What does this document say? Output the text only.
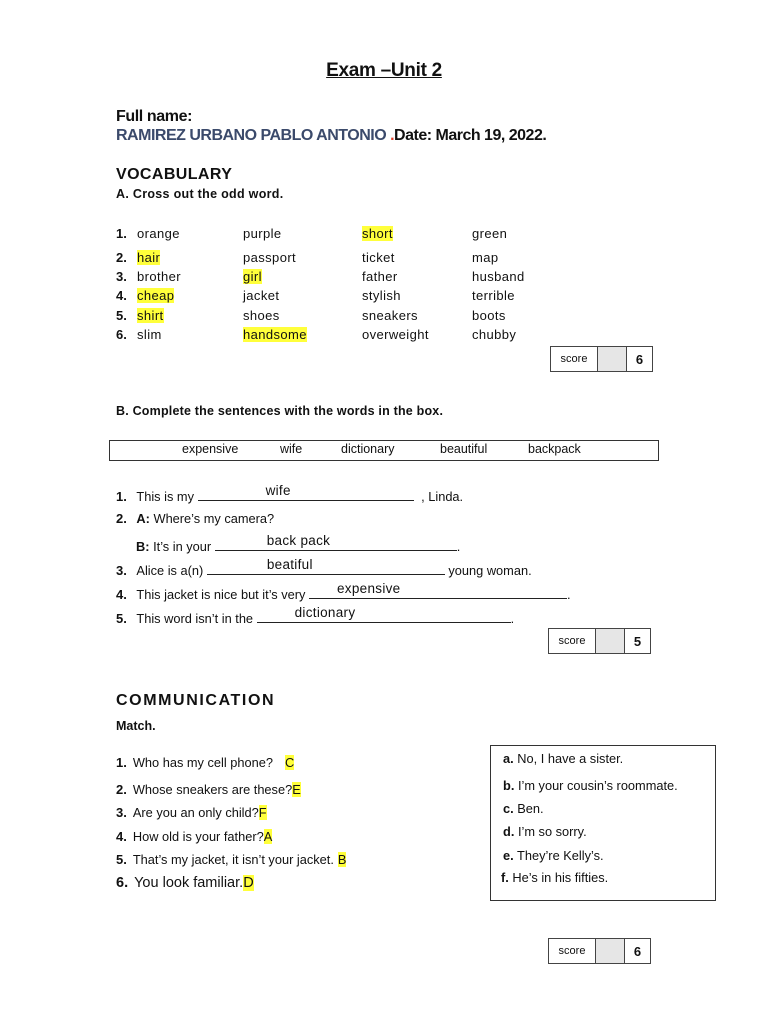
Exam –Unit 2
Full name:
RAMIREZ URBANO PABLO ANTONIO .Date: March 19, 2022.
VOCABULARY
A. Cross out the odd word.
1. orange	purple	short	green
2. hair	passport	ticket	map
3. brother	girl	father	husband
4. cheap	jacket	stylish	terrible
5. shirt	shoes	sneakers	boots
6. slim	handsome	overweight	chubby
score	6
B. Complete the sentences with the words in the box.
expensive	wife	dictionary	beautiful	backpack
1. This is my	wife	, Linda.
2. A: Where’s my camera?
B: It’s in your	back pack	.
3. Alice is a(n)	beatiful	young woman.
4. This jacket is nice but it’s very expensive	.
5. This word isn’t in the	dictionary	.
score	5
COMMUNICATION
Match.
1. Who has my cell phone? C
2. Whose sneakers are these?E
3. Are you an only child?F
4. How old is your father?A
5. That’s my jacket, it isn’t your jacket. B
6. You look familiar.D
a. No, I have a sister.
b. I’m your cousin’s roommate.
c. Ben.
d. I’m so sorry.
e. They’re Kelly’s.
f. He’s in his fifties.
score	6
